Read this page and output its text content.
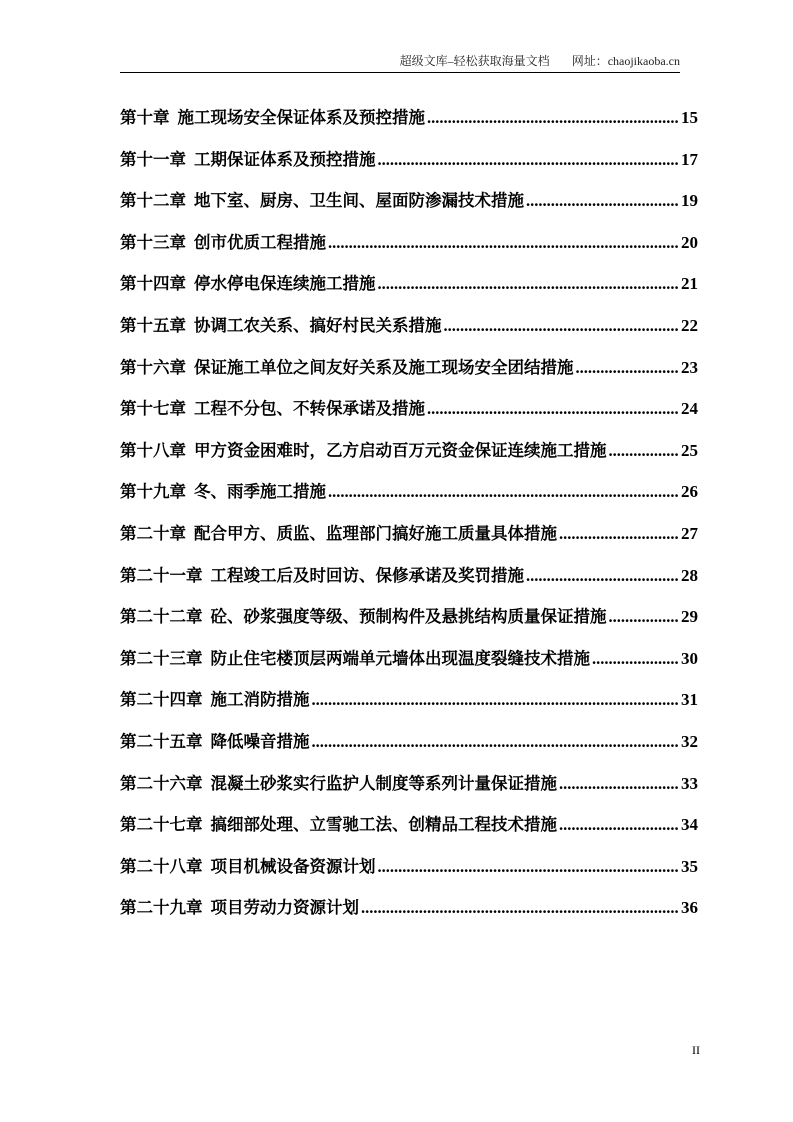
超级文库–轻松获取海量文档 网址：chaojikaoba.cn
第十章 施工现场安全保证体系及预控措施 .....	15
第十一章 工期保证体系及预控措施 .....	17
第十二章 地下室、厨房、卫生间、屋面防渗漏技术措施 .....	19
第十三章 创市优质工程措施 .....	20
第十四章 停水停电保连续施工措施 .....	21
第十五章 协调工农关系、搞好村民关系措施 .....	22
第十六章 保证施工单位之间友好关系及施工现场安全团结措施 .....	23
第十七章 工程不分包、不转保承诺及措施 .....	24
第十八章 甲方资金困难时，乙方启动百万元资金保证连续施工措施 .....	25
第十九章 冬、雨季施工措施 .....	26
第二十章 配合甲方、质监、监理部门搞好施工质量具体措施 .....	27
第二十一章 工程竣工后及时回访、保修承诺及奖罚措施 .....	28
第二十二章 砼、砂浆强度等级、预制构件及悬挑结构质量保证措施 .....	29
第二十三章 防止住宅楼顶层两端单元墙体出现温度裂缝技术措施 .....	30
第二十四章 施工消防措施 .....	31
第二十五章 降低噪音措施 .....	32
第二十六章 混凝土砂浆实行监护人制度等系列计量保证措施 .....	33
第二十七章 搞细部处理、立雪驰工法、创精品工程技术措施 .....	34
第二十八章 项目机械设备资源计划 .....	35
第二十九章 项目劳动力资源计划 .....	36
II
